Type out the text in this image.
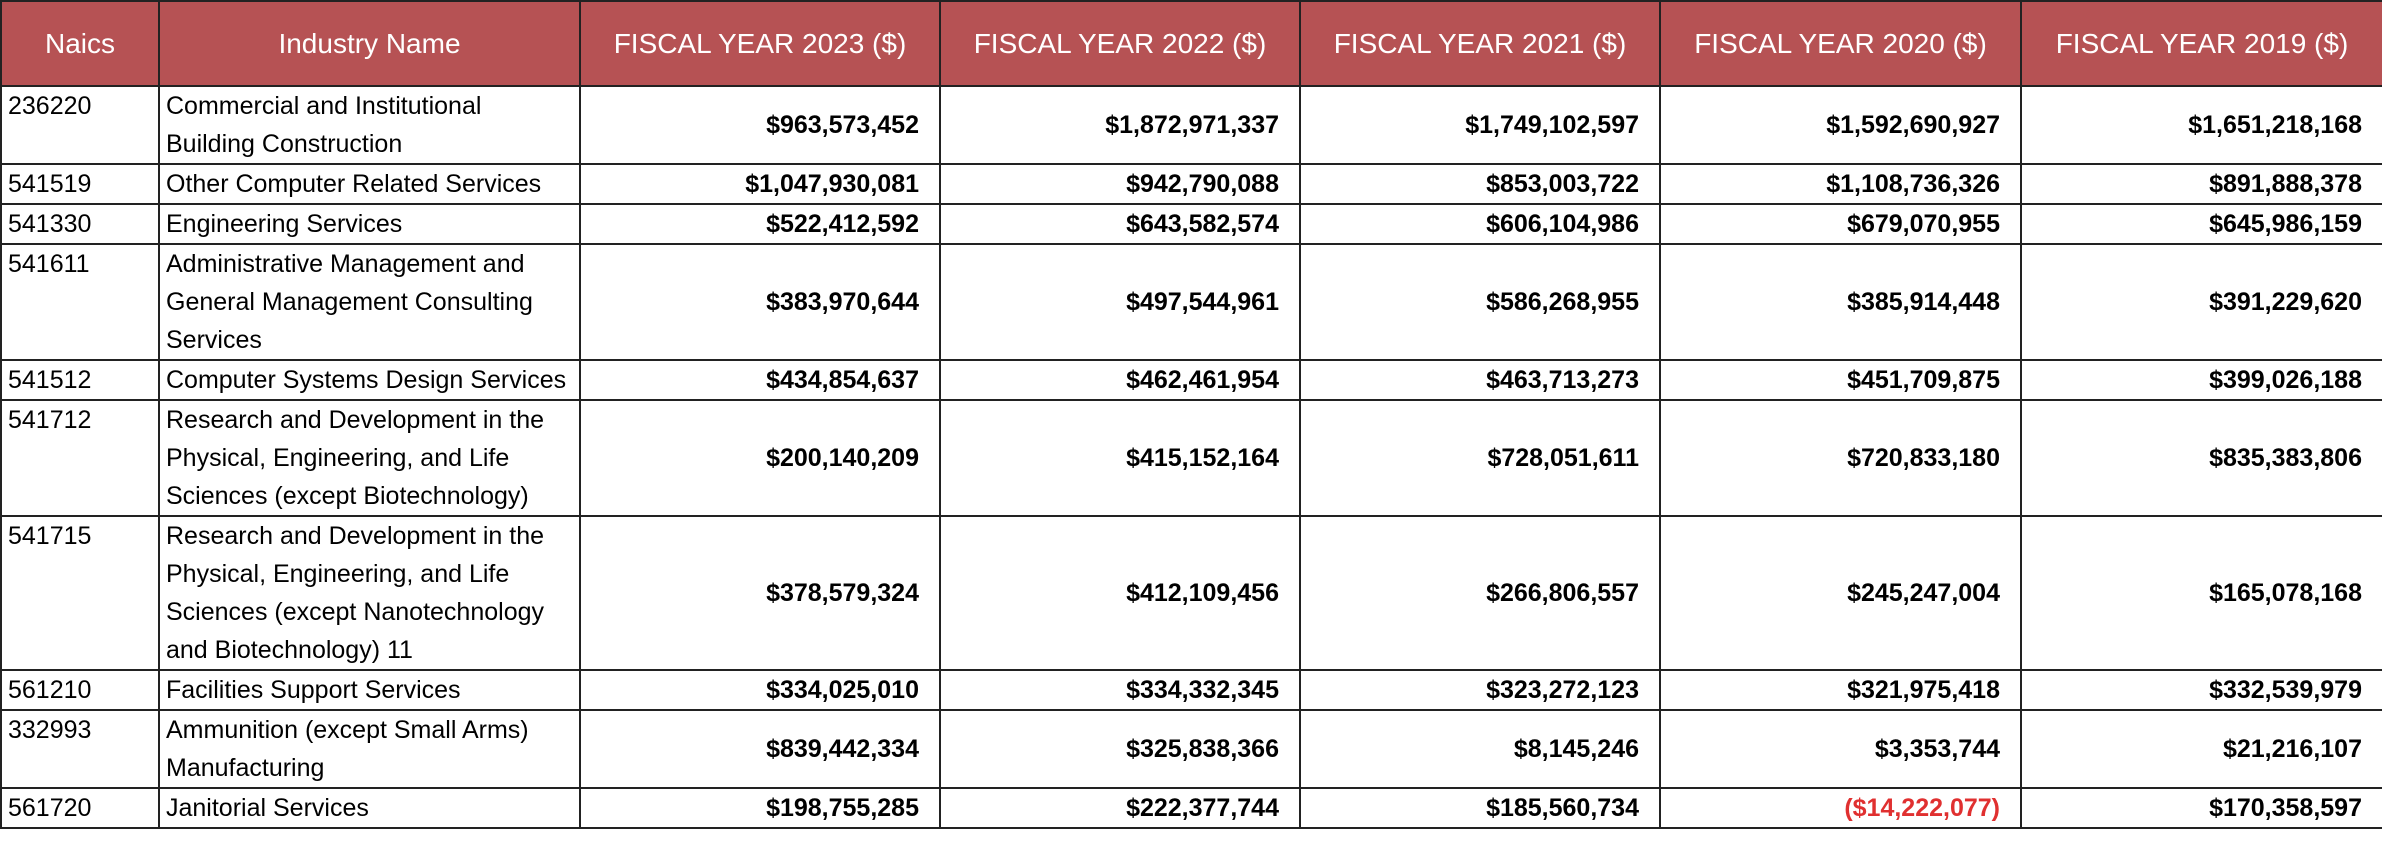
Naics	Industry Name	FISCAL YEAR 2023 ($)	FISCAL YEAR 2022 ($)	FISCAL YEAR 2021 ($)	FISCAL YEAR 2020 ($)	FISCAL YEAR 2019 ($)
236220	Commercial and Institutional Building Construction	$963,573,452	$1,872,971,337	$1,749,102,597	$1,592,690,927	$1,651,218,168
541519	Other Computer Related Services	$1,047,930,081	$942,790,088	$853,003,722	$1,108,736,326	$891,888,378
541330	Engineering Services	$522,412,592	$643,582,574	$606,104,986	$679,070,955	$645,986,159
541611	Administrative Management and General Management Consulting Services	$383,970,644	$497,544,961	$586,268,955	$385,914,448	$391,229,620
541512	Computer Systems Design Services	$434,854,637	$462,461,954	$463,713,273	$451,709,875	$399,026,188
541712	Research and Development in the Physical, Engineering, and Life Sciences (except Biotechnology)	$200,140,209	$415,152,164	$728,051,611	$720,833,180	$835,383,806
541715	Research and Development in the Physical, Engineering, and Life Sciences (except Nanotechnology and Biotechnology) 11	$378,579,324	$412,109,456	$266,806,557	$245,247,004	$165,078,168
561210	Facilities Support Services	$334,025,010	$334,332,345	$323,272,123	$321,975,418	$332,539,979
332993	Ammunition (except Small Arms) Manufacturing	$839,442,334	$325,838,366	$8,145,246	$3,353,744	$21,216,107
561720	Janitorial Services	$198,755,285	$222,377,744	$185,560,734	($14,222,077)	$170,358,597
